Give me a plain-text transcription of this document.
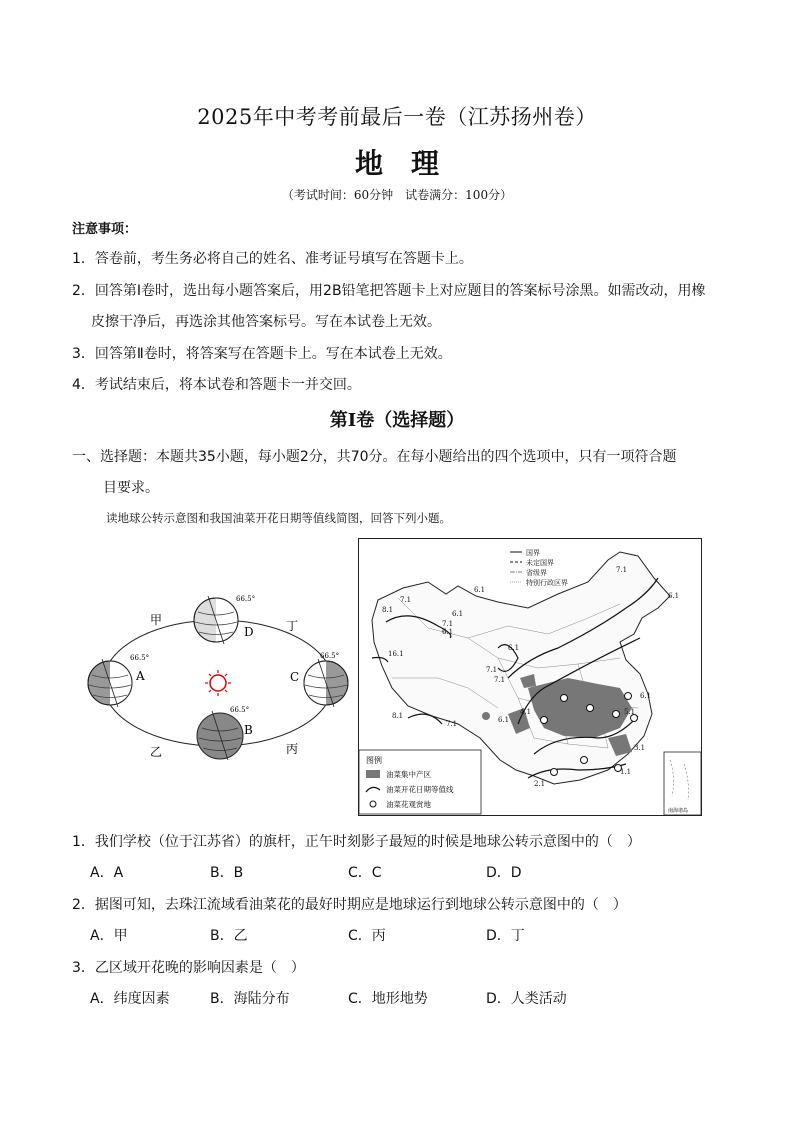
2025年中考考前最后一卷（江苏扬州卷）
地理
（考试时间：60分钟　试卷满分：100分）
注意事项：
1．答卷前，考生务必将自己的姓名、准考证号填写在答题卡上。
2．回答第Ⅰ卷时，选出每小题答案后，用2B铅笔把答题卡上对应题目的答案标号涂黑。如需改动，用橡
皮擦干净后，再选涂其他答案标号。写在本试卷上无效。
3．回答第Ⅱ卷时，将答案写在答题卡上。写在本试卷上无效。
4．考试结束后，将本试卷和答题卡一并交回。
第Ⅰ卷（选择题）
一、选择题：本题共35小题，每小题2分，共70分。在每小题给出的四个选项中，只有一项符合题
目要求。
读地球公转示意图和我国油菜开花日期等值线简图，回答下列小题。
66.5°
66.5°	66.5°
66.5°
D
A	C
B
甲	丁
乙	丙
6.1
7.1
8.1
7.1
6.1
7.1
6.1
16.1
7.1
6.1
8.1
7.1	6.1
4.1	5.1
3.1
1.1
2.1
6.1
7.1
6.1
国界
未定国界
省级界
特别行政区界
图例
油菜集中产区
油菜开花日期等值线
油菜花观赏地
南海诸岛
1．我们学校（位于江苏省）的旗杆，正午时刻影子最短的时候是地球公转示意图中的（　）
A．A	B．B	C．C	D．D
2．据图可知，去珠江流域看油菜花的最好时期应是地球运行到地球公转示意图中的（　）
A．甲	B．乙	C．丙	D．丁
3．乙区域开花晚的影响因素是（　）
A．纬度因素	B．海陆分布	C．地形地势	D．人类活动
